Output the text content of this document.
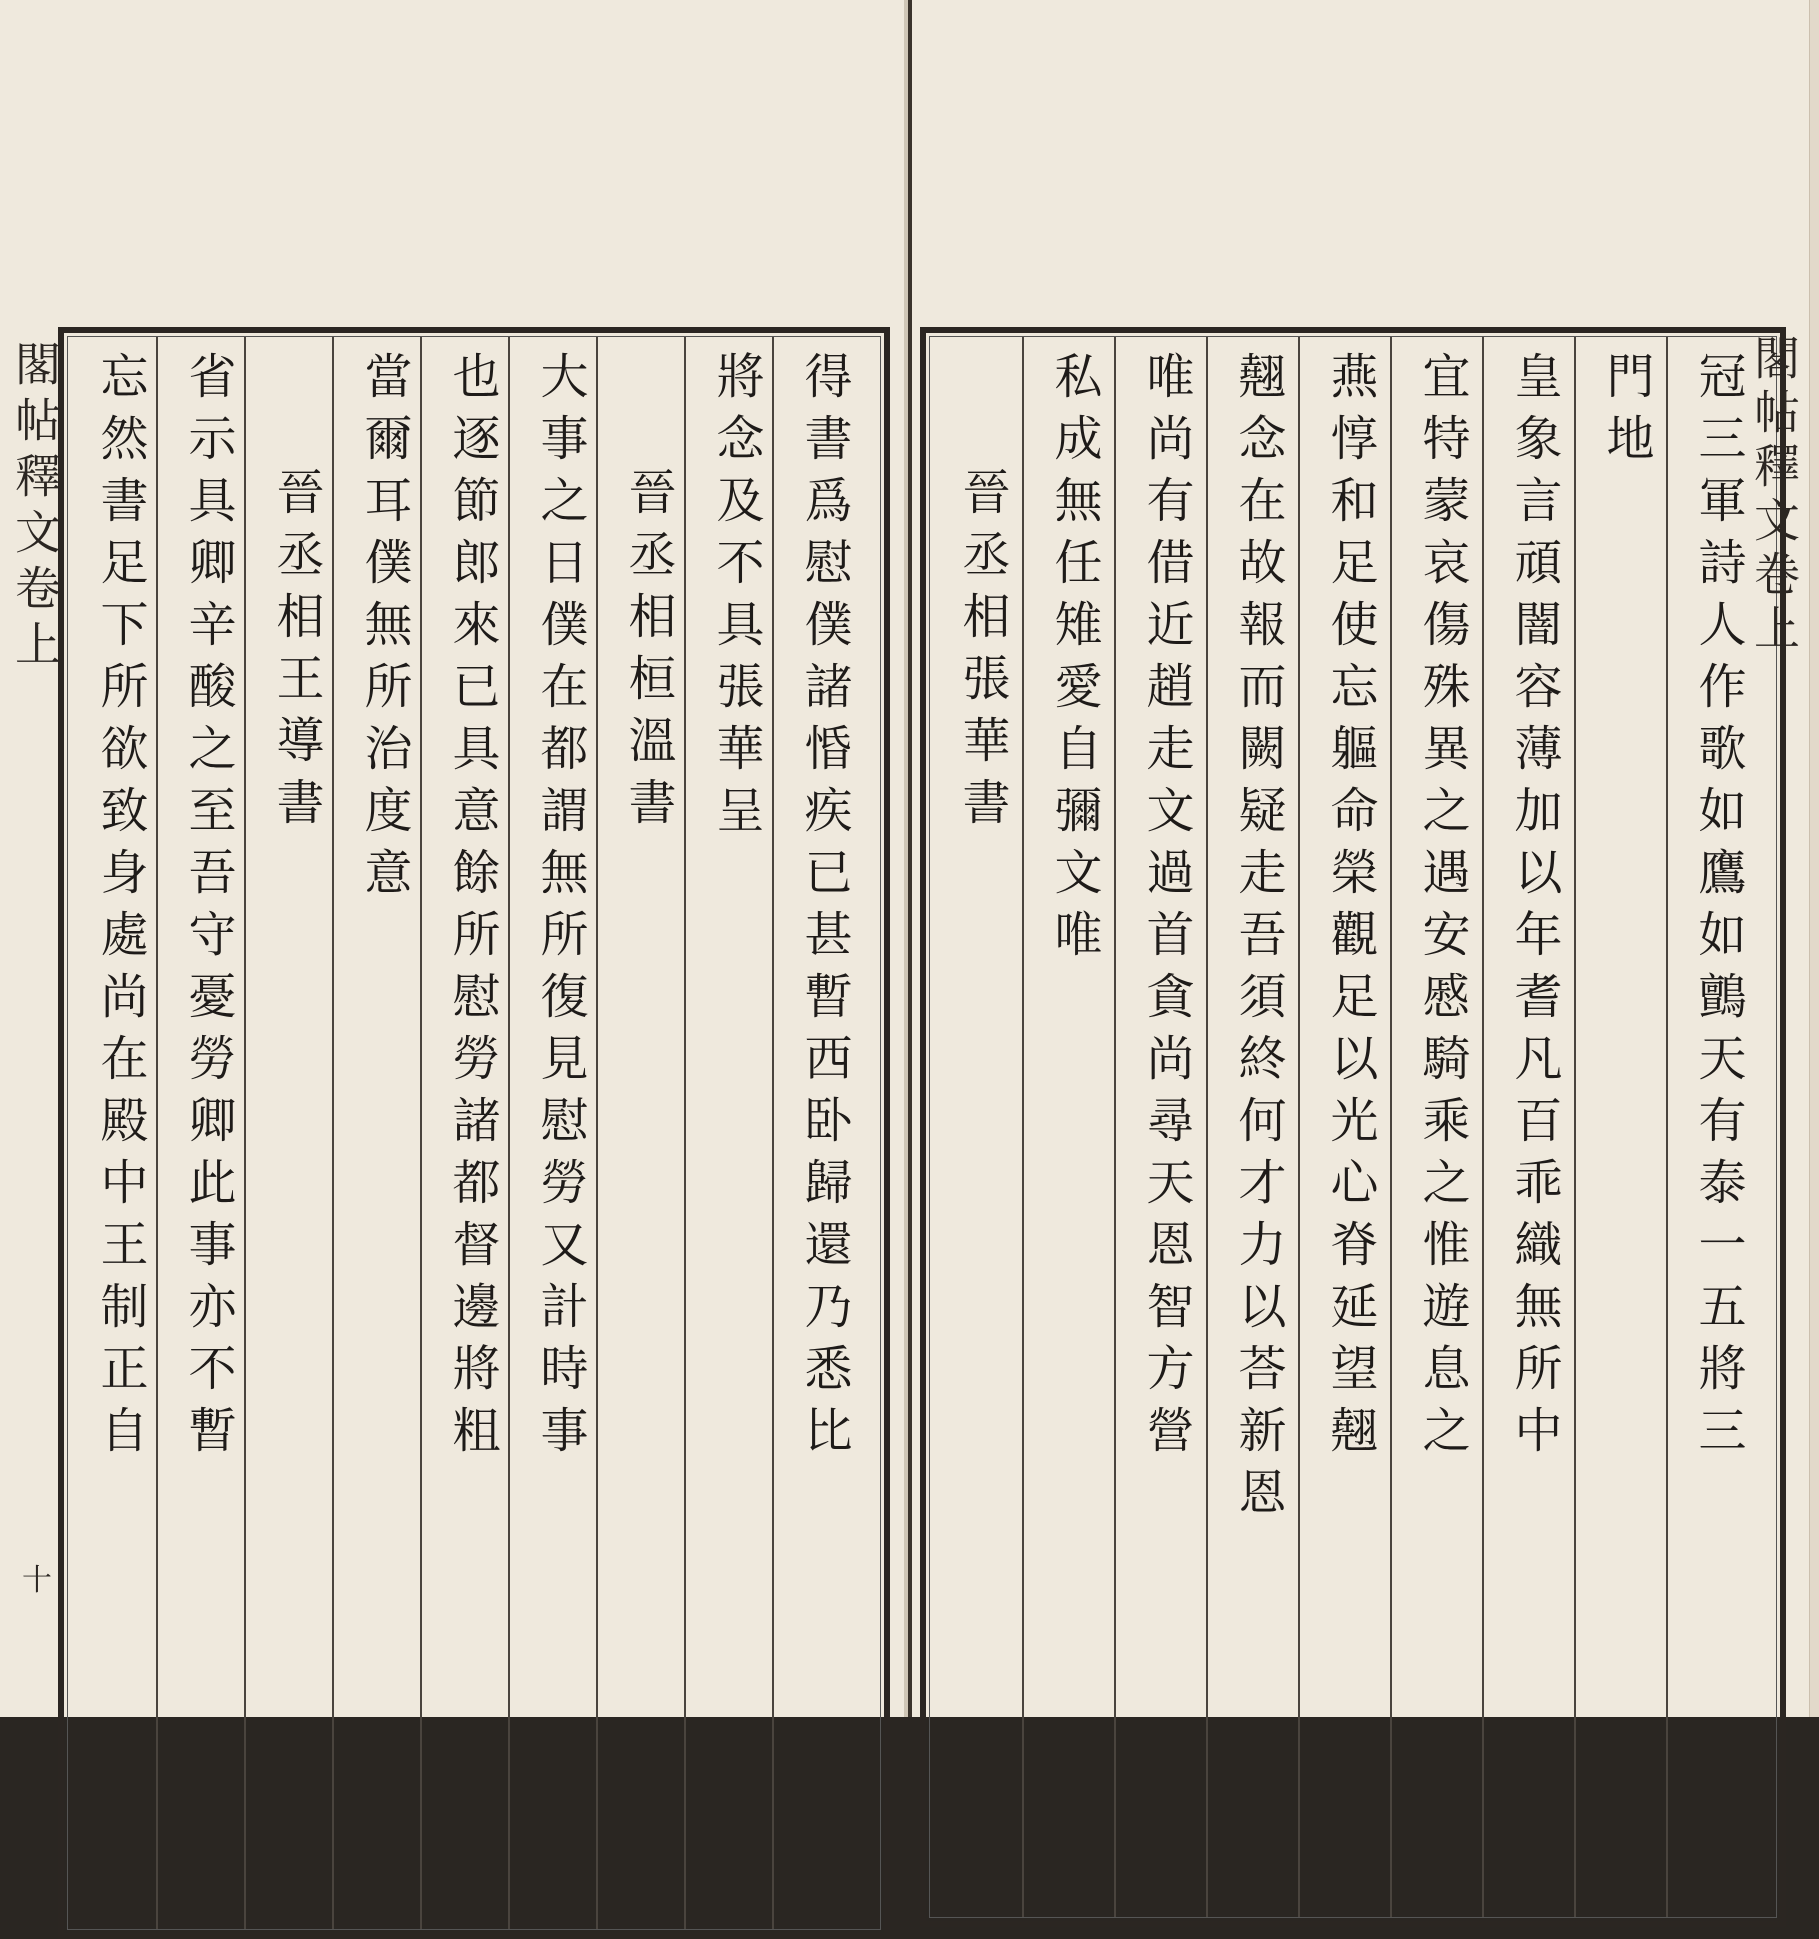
閣帖釋文卷上
十
得書爲慰僕諸惛疾已甚暫西卧歸還乃悉比
將念及不具張華呈
晉丞相桓溫書
大事之日僕在都謂無所復見慰勞又計時事
也逐節郎來已具意餘所慰勞諸都督邊將粗
當爾耳僕無所治度意
晉丞相王導書
省示具卿辛酸之至吾守憂勞卿此事亦不暫
忘然書足下所欲致身處尚在殿中王制正自	冠三軍詩人作歌如鷹如鸇天有泰一五將三
門地
皇象言頑闇容薄加以年耆凡百乖織無所中
宜特蒙哀傷殊異之遇安慼騎乘之惟遊息之
燕惇和足使忘軀命榮觀足以光心脊延望翹
翹念在故報而闕疑走吾須終何才力以荅新恩
唯尚有借近趙走文過首貪尚尋天恩智方營
私成無任雉愛自彌文唯
晉丞相張華書	閣帖釋文卷上
